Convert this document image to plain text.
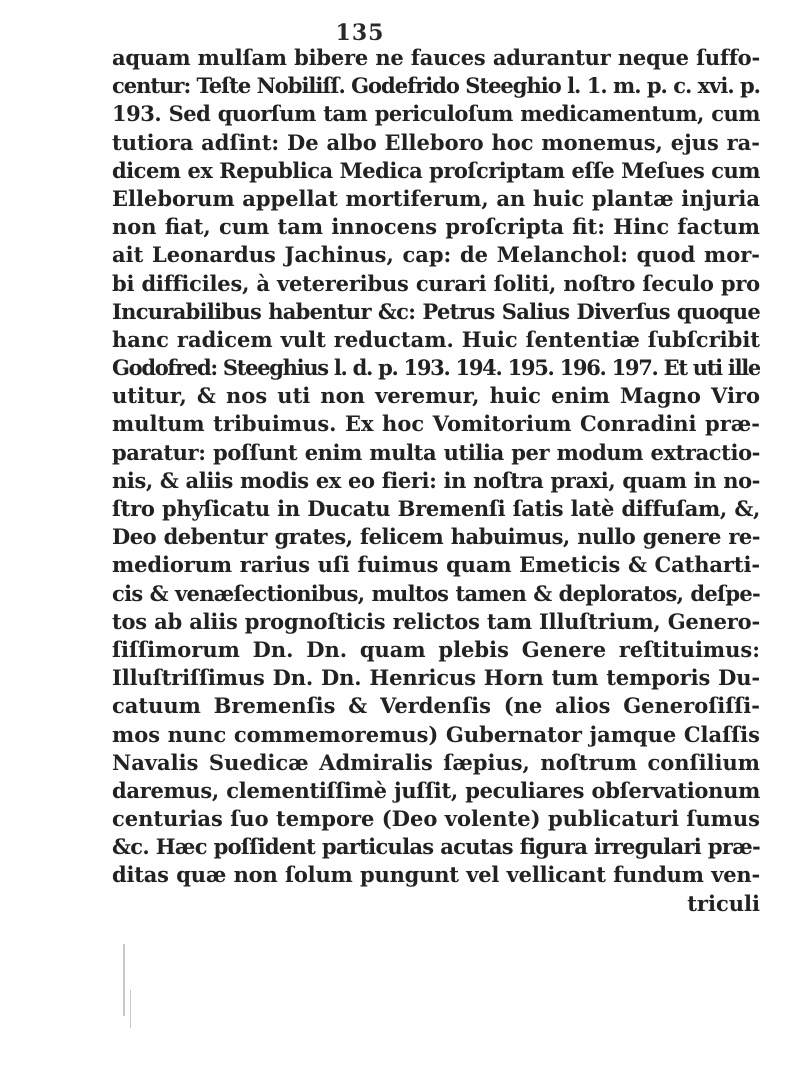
135
aquam mulſam bibere ne fauces adurantur neque ſuffo-
centur: Teſte Nobiliſſ. Godefrido Steeghio l. 1. m. p. c. xvi. p.
193. Sed quorſum tam periculoſum medicamentum, cum
tutiora adſint: De albo Elleboro hoc monemus, ejus ra-
dicem ex Republica Medica proſcriptam eſſe Meſues cum
Elleborum appellat mortiferum, an huic plantæ injuria
non fiat, cum tam innocens proſcripta fit: Hinc factum
ait Leonardus Jachinus, cap: de Melanchol: quod mor-
bi difficiles, à vetereribus curari ſoliti, noſtro ſeculo pro
Incurabilibus habentur &c: Petrus Salius Diverſus quoque
hanc radicem vult reductam. Huic ſententiæ ſubſcribit
Godofred: Steeghius l. d. p. 193. 194. 195. 196. 197. Et uti ille
utitur, & nos uti non veremur, huic enim Magno Viro
multum tribuimus. Ex hoc Vomitorium Conradini præ-
paratur: poſſunt enim multa utilia per modum extractio-
nis, & aliis modis ex eo fieri: in noſtra praxi, quam in no-
ſtro phyſicatu in Ducatu Bremenſi ſatis latè diffuſam, &,
Deo debentur grates, felicem habuimus, nullo genere re-
mediorum rarius uſi fuimus quam Emeticis & Catharti-
cis & venæſectionibus, multos tamen & deploratos, deſpe-
tos ab aliis prognoſticis relictos tam Illuſtrium, Genero-
ſiſſimorum Dn. Dn. quam plebis Genere reſtituimus:
Illuſtriſſimus Dn. Dn. Henricus Horn tum temporis Du-
catuum Bremenſis & Verdenſis (ne alios Generoſiſſi-
mos nunc commemoremus) Gubernator jamque Claſſis
Navalis Suedicæ Admiralis ſæpius, noſtrum conſilium
daremus, clementiſſimè juſſit, peculiares obſervationum
centurias ſuo tempore (Deo volente) publicaturi ſumus
&c. Hæc poſſident particulas acutas figura irregulari præ-
ditas quæ non ſolum pungunt vel vellicant fundum ven-
triculi
